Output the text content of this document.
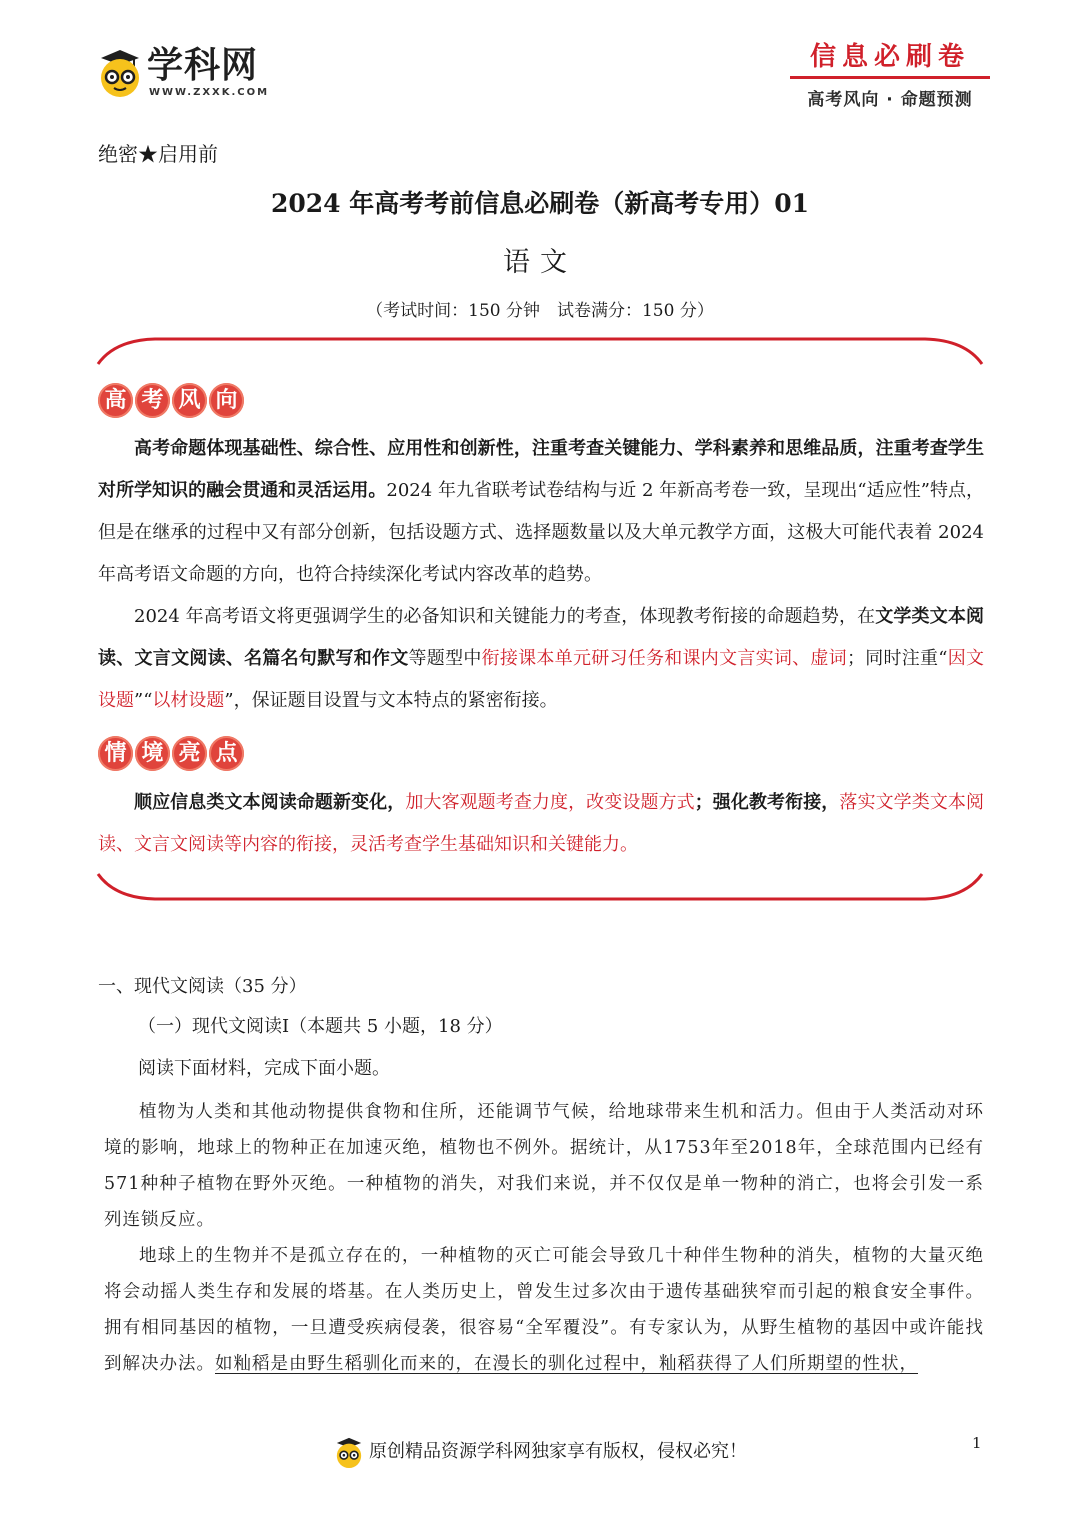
学科网
WWW.ZXXK.COM
信息必刷卷
高考风向 · 命题预测
绝密★启用前
2024 年高考考前信息必刷卷（新高考专用）01
语文
（考试时间：150 分钟　试卷满分：150 分）
高 考 风 向

高考命题体现基础性、综合性、应用性和创新性，注重考查关键能力、学科素养和思维品质，注重考查学生对所学知识的融会贯通和灵活运用。2024 年九省联考试卷结构与近 2 年新高考卷一致，呈现出“适应性”特点，但是在继承的过程中又有部分创新，包括设题方式、选择题数量以及大单元教学方面，这极大可能代表着 2024 年高考语文命题的方向，也符合持续深化考试内容改革的趋势。

2024 年高考语文将更强调学生的必备知识和关键能力的考查，体现教考衔接的命题趋势，在文学类文本阅读、文言文阅读、名篇名句默写和作文等题型中衔接课本单元研习任务和课内文言实词、虚词；同时注重“因文设题”“以材设题”，保证题目设置与文本特点的紧密衔接。

情 境 亮 点

顺应信息类文本阅读命题新变化，加大客观题考查力度，改变设题方式；强化教考衔接，落实文学类文本阅读、文言文阅读等内容的衔接，灵活考查学生基础知识和关键能力。

一、现代文阅读（35 分）
（一）现代文阅读I（本题共 5 小题，18 分）
阅读下面材料，完成下面小题。

植物为人类和其他动物提供食物和住所，还能调节气候，给地球带来生机和活力。但由于人类活动对环境的影响，地球上的物种正在加速灭绝，植物也不例外。据统计，从1753年至2018年，全球范围内已经有571种种子植物在野外灭绝。一种植物的消失，对我们来说，并不仅仅是单一物种的消亡，也将会引发一系列连锁反应。

地球上的生物并不是孤立存在的，一种植物的灭亡可能会导致几十种伴生物种的消失，植物的大量灭绝将会动摇人类生存和发展的塔基。在人类历史上，曾发生过多次由于遗传基础狭窄而引起的粮食安全事件。拥有相同基因的植物，一旦遭受疾病侵袭，很容易“全军覆没”。有专家认为，从野生植物的基因中或许能找到解决办法。如籼稻是由野生稻驯化而来的，在漫长的驯化过程中，籼稻获得了人们所期望的性状，

原创精品资源学科网独家享有版权，侵权必究！	1
